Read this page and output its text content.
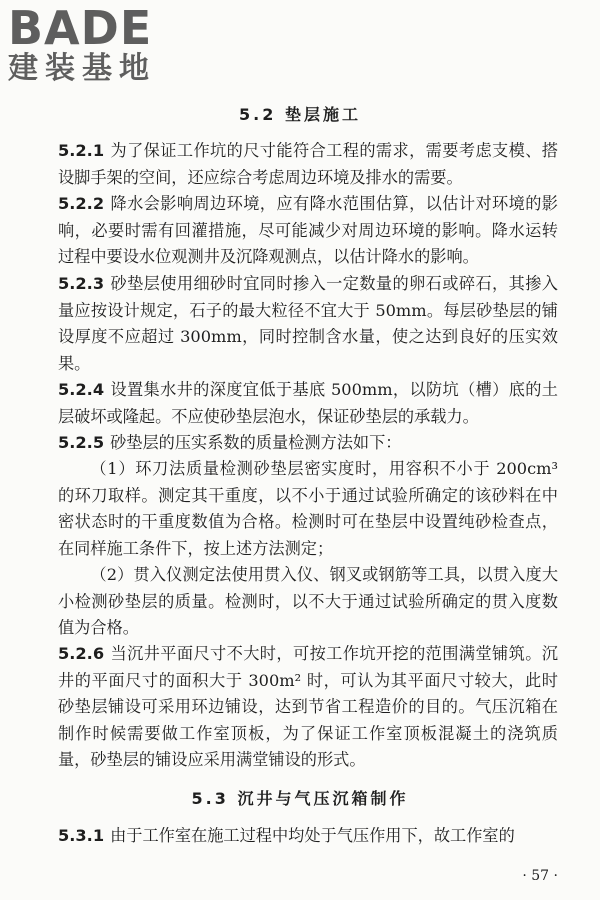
BADE
建装基地
5.2 垫层施工

5.2.1 为了保证工作坑的尺寸能符合工程的需求，需要考虑支模、搭设脚手架的空间，还应综合考虑周边环境及排水的需要。

5.2.2 降水会影响周边环境，应有降水范围估算，以估计对环境的影响，必要时需有回灌措施，尽可能减少对周边环境的影响。降水运转过程中要设水位观测井及沉降观测点，以估计降水的影响。

5.2.3 砂垫层使用细砂时宜同时掺入一定数量的卵石或碎石，其掺入量应按设计规定，石子的最大粒径不宜大于 50mm。每层砂垫层的铺设厚度不应超过 300mm，同时控制含水量，使之达到良好的压实效果。

5.2.4 设置集水井的深度宜低于基底 500mm，以防坑（槽）底的土层破坏或隆起。不应使砂垫层泡水，保证砂垫层的承载力。

5.2.5 砂垫层的压实系数的质量检测方法如下：

（1）环刀法质量检测砂垫层密实度时，用容积不小于 200cm³ 的环刀取样。测定其干重度，以不小于通过试验所确定的该砂料在中密状态时的干重度数值为合格。检测时可在垫层中设置纯砂检查点，在同样施工条件下，按上述方法测定；

（2）贯入仪测定法使用贯入仪、钢叉或钢筋等工具，以贯入度大小检测砂垫层的质量。检测时，以不大于通过试验所确定的贯入度数值为合格。

5.2.6 当沉井平面尺寸不大时，可按工作坑开挖的范围满堂铺筑。沉井的平面尺寸的面积大于 300m² 时，可认为其平面尺寸较大，此时砂垫层铺设可采用环边铺设，达到节省工程造价的目的。气压沉箱在制作时候需要做工作室顶板，为了保证工作室顶板混凝土的浇筑质量，砂垫层的铺设应采用满堂铺设的形式。

5.3 沉井与气压沉箱制作

5.3.1 由于工作室在施工过程中均处于气压作用下，故工作室的

· 57 ·
